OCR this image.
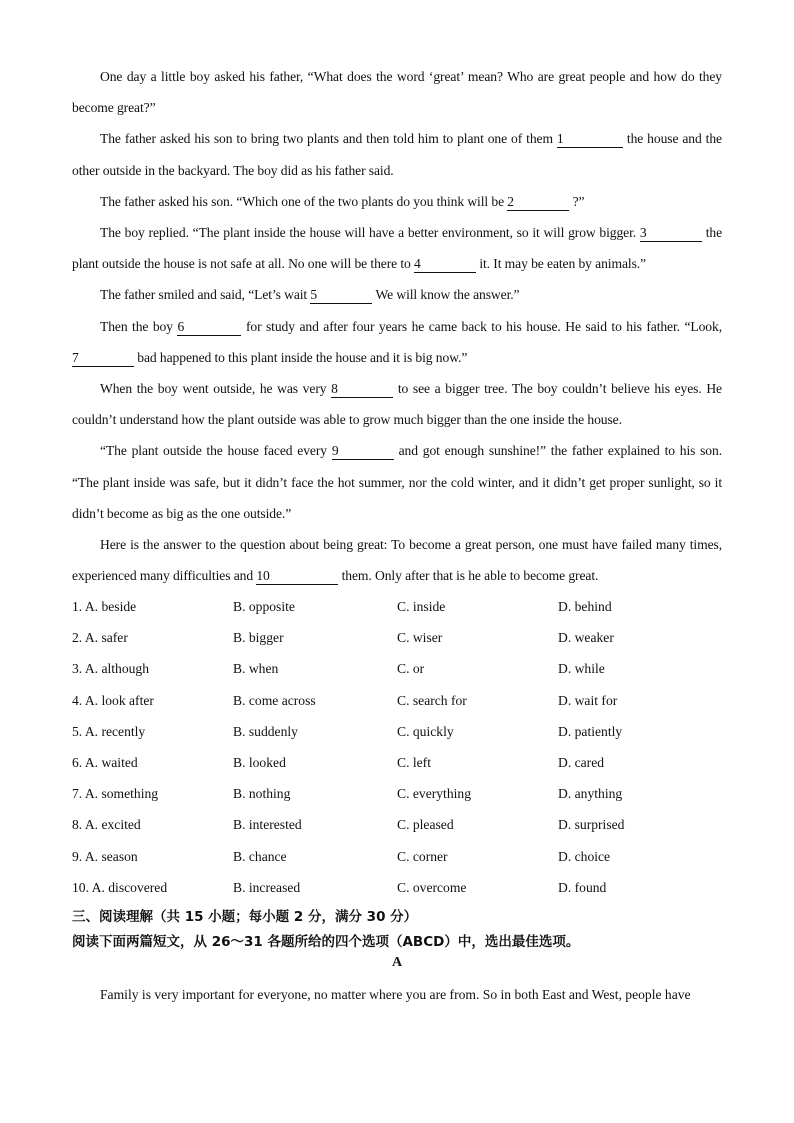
One day a little boy asked his father, “What does the word ‘great’ mean? Who are great people and how do they become great?”

The father asked his son to bring two plants and then told him to plant one of them 1	the house and the other outside in the backyard. The boy did as his father said.

The father asked his son. “Which one of the two plants do you think will be 2	?”

The boy replied. “The plant inside the house will have a better environment, so it will grow bigger. 3	the plant outside the house is not safe at all. No one will be there to 4	it. It may be eaten by animals.”

The father smiled and said, “Let’s wait 5	We will know the answer.”

Then the boy 6	for study and after four years he came back to his house. He said to his father. “Look, 7	bad happened to this plant inside the house and it is big now.”

When the boy went outside, he was very 8	to see a bigger tree. The boy couldn’t believe his eyes. He couldn’t understand how the plant outside was able to grow much bigger than the one inside the house.

“The plant outside the house faced every 9	and got enough sunshine!” the father explained to his son. “The plant inside was safe, but it didn’t face the hot summer, nor the cold winter, and it didn’t get proper sunlight, so it didn’t become as big as the one outside.”

Here is the answer to the question about being great: To become a great person, one must have failed many times, experienced many difficulties and 10	them. Only after that is he able to become great.

1. A. beside	B. opposite	C. inside	D. behind
2. A. safer	B. bigger	C. wiser	D. weaker
3. A. although	B. when	C. or	D. while
4. A. look after	B. come across	C. search for	D. wait for
5. A. recently	B. suddenly	C. quickly	D. patiently
6. A. waited	B. looked	C. left	D. cared
7. A. something	B. nothing	C. everything	D. anything
8. A. excited	B. interested	C. pleased	D. surprised
9. A. season	B. chance	C. corner	D. choice
10. A. discovered	B. increased	C. overcome	D. found

三、阅读理解（共 15 小题；每小题 2 分，满分 30 分）

阅读下面两篇短文，从 26～31 各题所给的四个选项（ABCD）中，选出最佳选项。

A

Family is very important for everyone, no matter where you are from. So in both East and West, people have
